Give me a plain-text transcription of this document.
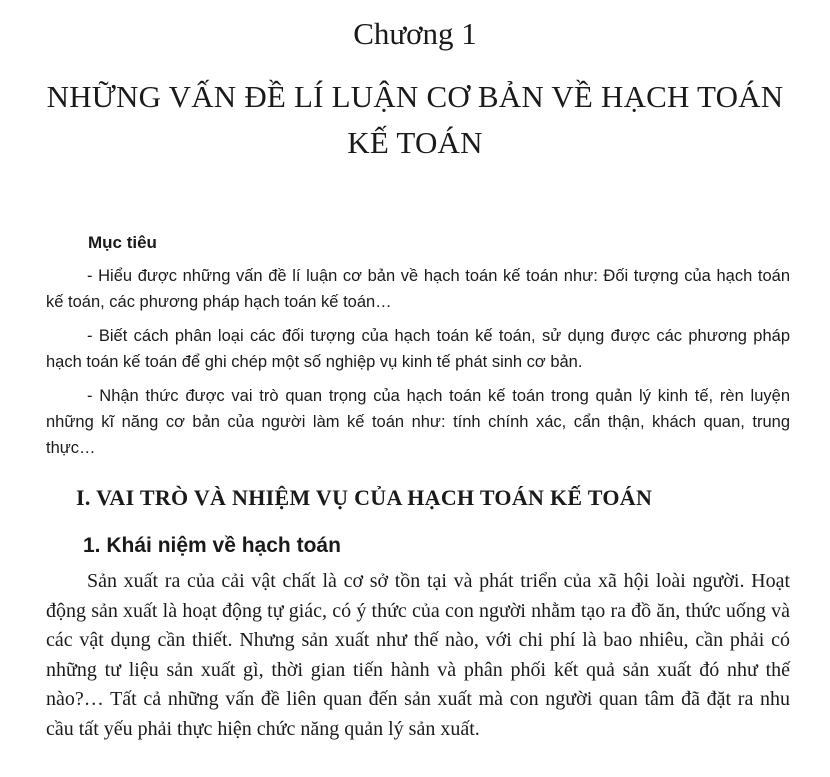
Chương 1
NHỮNG VẤN ĐỀ LÍ LUẬN CƠ BẢN VỀ HẠCH TOÁN KẾ TOÁN
Mục tiêu

- Hiểu được những vấn đề lí luận cơ bản về hạch toán kế toán như: Đối tượng của hạch toán kế toán, các phương pháp hạch toán kế toán…

- Biết cách phân loại các đối tượng của hạch toán kế toán, sử dụng được các phương pháp hạch toán kế toán để ghi chép một số nghiệp vụ kinh tế phát sinh cơ bản.

- Nhận thức được vai trò quan trọng của hạch toán kế toán trong quản lý kinh tế, rèn luyện những kĩ năng cơ bản của người làm kế toán như: tính chính xác, cẩn thận, khách quan, trung thực…

I. VAI TRÒ VÀ NHIỆM VỤ CỦA HẠCH TOÁN KẾ TOÁN
1. Khái niệm về hạch toán

Sản xuất ra của cải vật chất là cơ sở tồn tại và phát triển của xã hội loài người. Hoạt động sản xuất là hoạt động tự giác, có ý thức của con người nhằm tạo ra đồ ăn, thức uống và các vật dụng cần thiết. Nhưng sản xuất như thế nào, với chi phí là bao nhiêu, cần phải có những tư liệu sản xuất gì, thời gian tiến hành và phân phối kết quả sản xuất đó như thế nào?… Tất cả những vấn đề liên quan đến sản xuất mà con người quan tâm đã đặt ra nhu cầu tất yếu phải thực hiện chức năng quản lý sản xuất.
